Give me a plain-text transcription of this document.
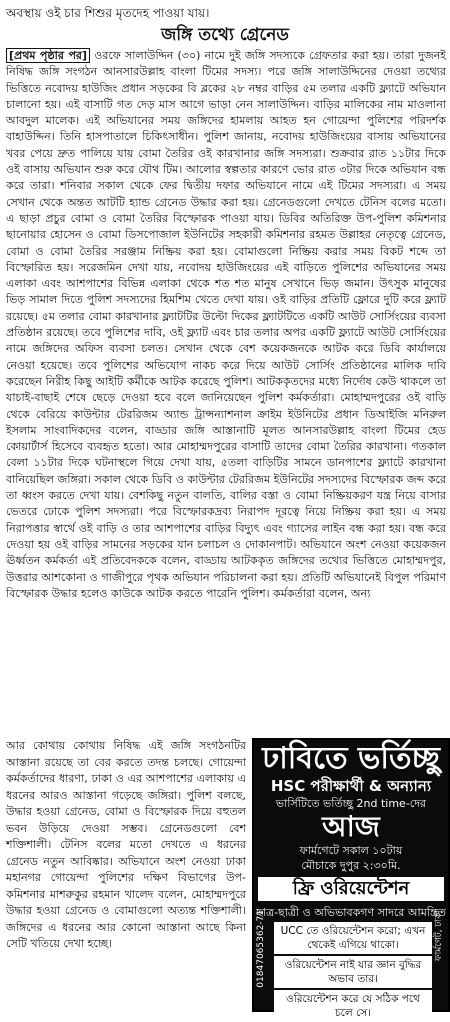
অবস্থায় ওই চার শিশুর মৃতদেহ পাওয়া যায়।
জঙ্গি তথ্যে গ্রেনেড

[প্রথম পৃষ্ঠার পর] ওরফে সালাউদ্দিন (৩০) নামে দুই জঙ্গি সদস্যকে গ্রেফতার করা হয়। তারা দুজনই নিষিদ্ধ জঙ্গি সংগঠন আনসারউল্লাহ বাংলা টিমের সদস্য। পরে জঙ্গি সালাউদ্দিনের দেওয়া তথ্যের ভিত্তিতে নবোদয় হাউজিং প্রধান সড়কের বি ব্লকের ২৮ নম্বর বাড়ির ৫ম তলার একটি ফ্ল্যাটে অভিযান চালানো হয়। এই বাসাটি গত দেড় মাস আগে ভাড়া নেন সালাউদ্দিন। বাড়ির মালিকের নাম মাওলানা আবদুল মালেক। এই অভিযানের সময় জঙ্গিদের হামলায় আহত হন গোয়েন্দা পুলিশের পরিদর্শক বাহাউদ্দিন। তিনি হাসপাতালে চিকিৎসাধীন। পুলিশ জানায়, নবোদয় হাউজিংয়ের বাসায় অভিযানের খবর পেয়ে দ্রুত পালিয়ে যায় বোমা তৈরির ওই কারখানার জঙ্গি সদস্যরা। শুক্রবার রাত ১১টার দিকে ওই বাসায় অভিযান শুরু করে যৌথ টিম। আলোর স্বল্পতার কারণে ভোর রাত ৩টার দিকে অভিযান বন্ধ করে তারা। শনিবার সকাল থেকে ফের দ্বিতীয় দফার অভিযানে নামে এই টিমের সদস্যরা। এ সময় সেখান থেকে অন্তত আটটি হ্যান্ড গ্রেনেড উদ্ধার করা হয়। গ্রেনেডগুলো দেখতে টেনিস বলের মতো। এ ছাড়া প্রচুর বোমা ও বোমা তৈরির বিস্ফোরক পাওয়া যায়। ডিবির অতিরিক্ত উপ-পুলিশ কমিশনার ছানোয়ার হোসেন ও বোমা ডিসপোজাল ইউনিটের সহকারী কমিশনার রহমত উল্লাহর নেতৃত্বে গ্রেনেড, বোমা ও বোমা তৈরির সরঞ্জাম নিষ্ক্রিয় করা হয়। বোমাগুলো নিষ্ক্রিয় করার সময় বিকট শব্দে তা বিস্ফোরিত হয়। সরেজমিন দেখা যায়, নবোদয় হাউজিংয়ের এই বাড়িতে পুলিশের অভিযানের সময় এলাকা এবং আশপাশের বিভিন্ন এলাকা থেকে শত শত মানুষ সেখানে ভিড় জমান। উৎসুক মানুষের ভিড় সামাল দিতে পুলিশ সদস্যদের হিমশিম খেতে দেখা যায়। ওই বাড়ির প্রতিটি ফ্লোরে দুটি করে ফ্ল্যাট রয়েছে। ৫ম তলার বোমা কারখানার ফ্ল্যাটটির উল্টো দিকের ফ্ল্যাটটিতে একটি আউট সোর্সিংয়ের ব্যবসা প্রতিষ্ঠান রয়েছে। তবে পুলিশের দাবি, ওই ফ্ল্যাট এবং চার তলার অপর একটি ফ্ল্যাটে আউট সোর্সিংয়ের নামে জঙ্গিদের অফিস ব্যবসা চলত। সেখান থেকে বেশ কয়েকজনকে আটক করে ডিবি কার্যালয়ে নেওয়া হয়েছে। তবে পুলিশের অভিযোগ নাকচ করে দিয়ে আউট সোর্সিং প্রতিষ্ঠানের মালিক দাবি করেছেন নিরীহ কিছু আইটি কর্মীকে আটক করেছে পুলিশ। আটককৃতদের মধ্যে নির্দোষ কেউ থাকলে তা যাচাই-বাছাই শেষে ছেড়ে দেওয়া হবে বলে জানিয়েছেন পুলিশ কর্মকর্তারা। মোহাম্মদপুরের ওই বাড়ি থেকে বেরিয়ে কাউন্টার টেররিজম অ্যান্ড ট্রান্সন্যাশনাল ক্রাইম ইউনিটের প্রধান ডিআইজি মনিরুল ইসলাম সাংবাদিকদের বলেন, বাড্ডার জঙ্গি আস্তানাটি মূলত আনসারউল্লাহ বাংলা টিমের হেড কোয়ার্টার্স হিসেবে ব্যবহৃত হতো। আর মোহাম্মদপুরের বাসাটি তাদের বোমা তৈরির কারখানা। গতকাল বেলা ১১টার দিকে ঘটনাস্থলে গিয়ে দেখা যায়, ৫তলা বাড়িটির সামনে ডানপাশের ফ্ল্যাটে কারখানা বানিয়েছিল জঙ্গিরা। সকাল থেকে ডিবি ও কাউন্টার টেররিজম ইউনিটের সদস্যদের বিস্ফোরক জব্দ করে তা ধ্বংস করতে দেখা যায়। বেশকিছু নতুন বালতি, বালির বস্তা ও বোমা নিষ্ক্রিয়করণ যন্ত্র নিয়ে বাসার ভেতরে ঢোকে পুলিশ সদস্যরা। পরে বিস্ফোরকদ্রব্য নিরাপদ দূরত্বে নিয়ে নিষ্ক্রিয় করা হয়। এ সময় নিরাপত্তার স্বার্থে ওই বাড়ি ও তার আশপাশের বাড়ির বিদ্যুৎ এবং গ্যাসের লাইন বন্ধ করা হয়। বন্ধ করে দেওয়া হয় ওই বাড়ির সামনের সড়কের যান চলাচল ও দোকানপাট। অভিযানে অংশ নেওয়া কয়েকজন ঊর্ধ্বতন কর্মকর্তা এই প্রতিবেদককে বলেন, বাড্ডায় আটককৃত জঙ্গিদের তথ্যের ভিত্তিতে মোহাম্মদপুর, উত্তরার আশকোনা ও গাজীপুরে পৃথক অভিযান পরিচালনা করা হয়। প্রতিটি অভিযানেই বিপুল পরিমাণ বিস্ফোরক উদ্ধার হলেও কাউকে আটক করতে পারেনি পুলিশ। কর্মকর্তারা বলেন, অন্য

আর কোথায় কোথায় নিষিদ্ধ এই জঙ্গি সংগঠনটির আস্তানা রয়েছে তা বের করতে তদন্ত চলছে। গোয়েন্দা কর্মকর্তাদের ধারণা, ঢাকা ও এর আশপাশের এলাকায় এ ধরনের আরও আস্তানা গড়েছে জঙ্গিরা। পুলিশ বলছে, উদ্ধার হওয়া গ্রেনেড, বোমা ও বিস্ফোরক দিয়ে বহুতল ভবন উড়িয়ে দেওয়া সম্ভব। গ্রেনেডগুলো বেশ শক্তিশালী। টেনিস বলের মতো দেখতে এ ধরনের গ্রেনেড নতুন আবিষ্কার। অভিযানে অংশ নেওয়া ঢাকা মহানগর গোয়েন্দা পুলিশের দক্ষিণ বিভাগের উপ-কমিশনার মাশরুকুর রহমান খালেদ বলেন, মোহাম্মদপুরে উদ্ধার হওয়া গ্রেনেড ও বোমাগুলো অত্যন্ত শক্তিশালী। জঙ্গিদের এ ধরনের আর কোনো আস্তানা আছে কিনা সেটি খতিয়ে দেখা হচ্ছে।	01847065362-71	ফার্মগেট, ঢাকা
ঢাবিতে ভর্তিচ্ছু
HSC পরীক্ষার্থী & অন্যান্য
ভার্সিটিতে ভর্তিচ্ছু 2nd time-দের
আজ
ফার্মগেটে সকাল ১০টায়
মৌচাকে দুপুর ২:৩০মি.
ফ্রি ওরিয়েন্টেশন
ছাত্র-ছাত্রী ও অভিভাবকগণ সাদরে আমন্ত্রিত
UCC তে ওরিয়েন্টেশন করো; এখন থেকেই এগিয়ে থাকো।
ওরিয়েন্টেশন নাই যার জ্ঞান বুদ্ধির অভাব তার।
ওরিয়েন্টেশন করে যে সঠিক পথে চলে সে।
